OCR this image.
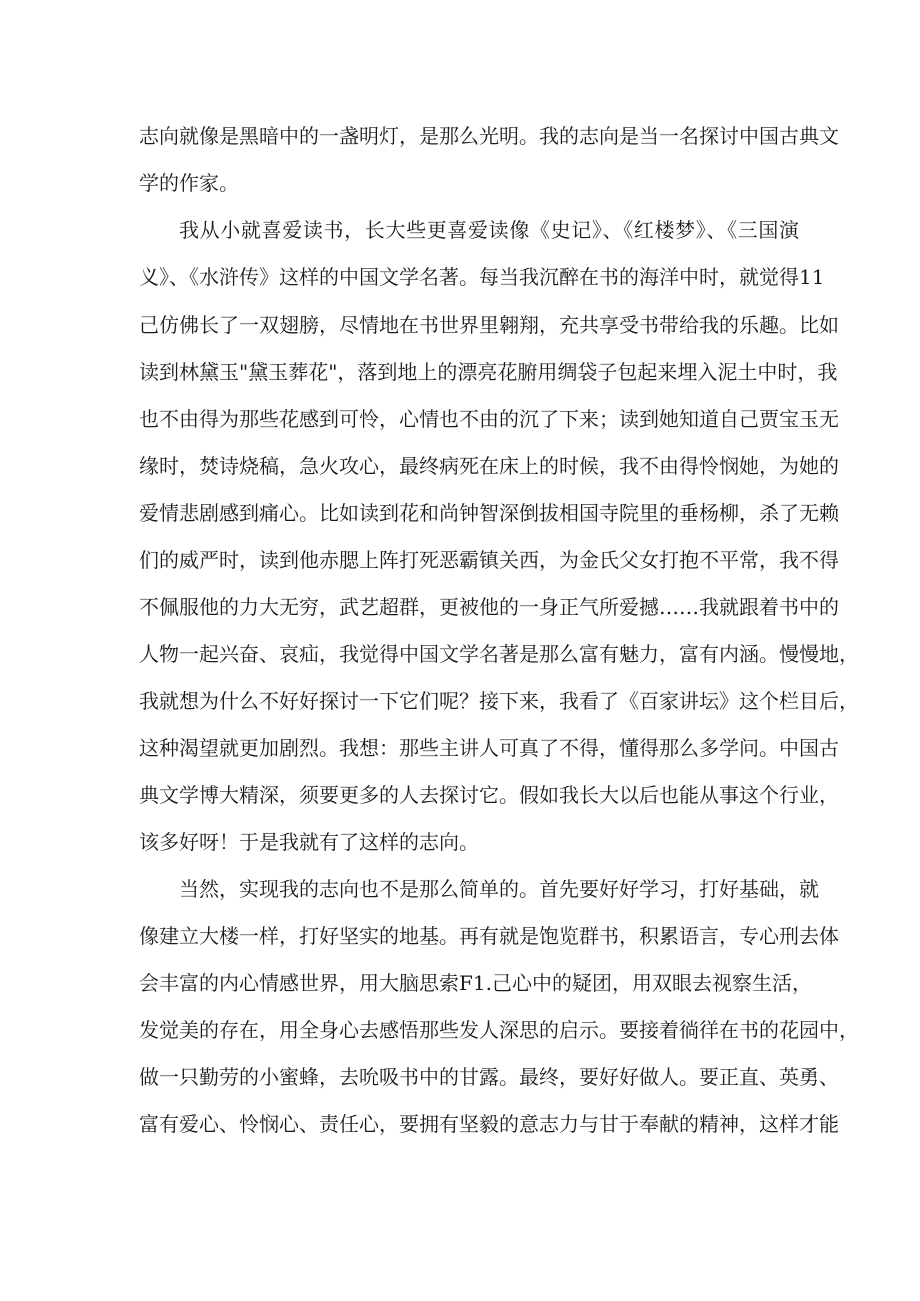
志向就像是黑暗中的一盏明灯，是那么光明。我的志向是当一名探讨中国古典文
学的作家。
我从小就喜爱读书，长大些更喜爱读像《史记》、《红楼梦》、《三国演
义》、《水浒传》这样的中国文学名著。每当我沉醉在书的海洋中时，就觉得11
己仿佛长了一双翅膀，尽情地在书世界里翱翔，充共享受书带给我的乐趣。比如
读到林黛玉"黛玉葬花"，落到地上的漂亮花腑用绸袋子包起来埋入泥土中时，我
也不由得为那些花感到可怜，心情也不由的沉了下来；读到她知道自己贾宝玉无
缘时，焚诗烧稿，急火攻心，最终病死在床上的时候，我不由得怜悯她，为她的
爱情悲剧感到痛心。比如读到花和尚钟智深倒拔相国寺院里的垂杨柳，杀了无赖
们的威严时，读到他赤腮上阵打死恶霸镇关西，为金氏父女打抱不平常，我不得
不佩服他的力大无穷，武艺超群，更被他的一身正气所爱撼……我就跟着书中的
人物一起兴奋、哀疝，我觉得中国文学名著是那么富有魅力，富有内涵。慢慢地，
我就想为什么不好好探讨一下它们呢？接下来，我看了《百家讲坛》这个栏目后，
这种渴望就更加剧烈。我想：那些主讲人可真了不得，懂得那么多学问。中国古
典文学博大精深，须要更多的人去探讨它。假如我长大以后也能从事这个行业，
该多好呀！于是我就有了这样的志向。
当然，实现我的志向也不是那么简单的。首先要好好学习，打好基础，就
像建立大楼一样，打好坚实的地基。再有就是饱览群书，积累语言，专心刑去体
会丰富的内心情感世界，用大脑思索F1.己心中的疑团，用双眼去视察生活，
发觉美的存在，用全身心去感悟那些发人深思的启示。要接着徜徉在书的花园中，
做一只勤劳的小蜜蜂，去吮吸书中的甘露。最终，要好好做人。要正直、英勇、
富有爱心、怜悯心、责任心，要拥有坚毅的意志力与甘于奉献的精神，这样才能
